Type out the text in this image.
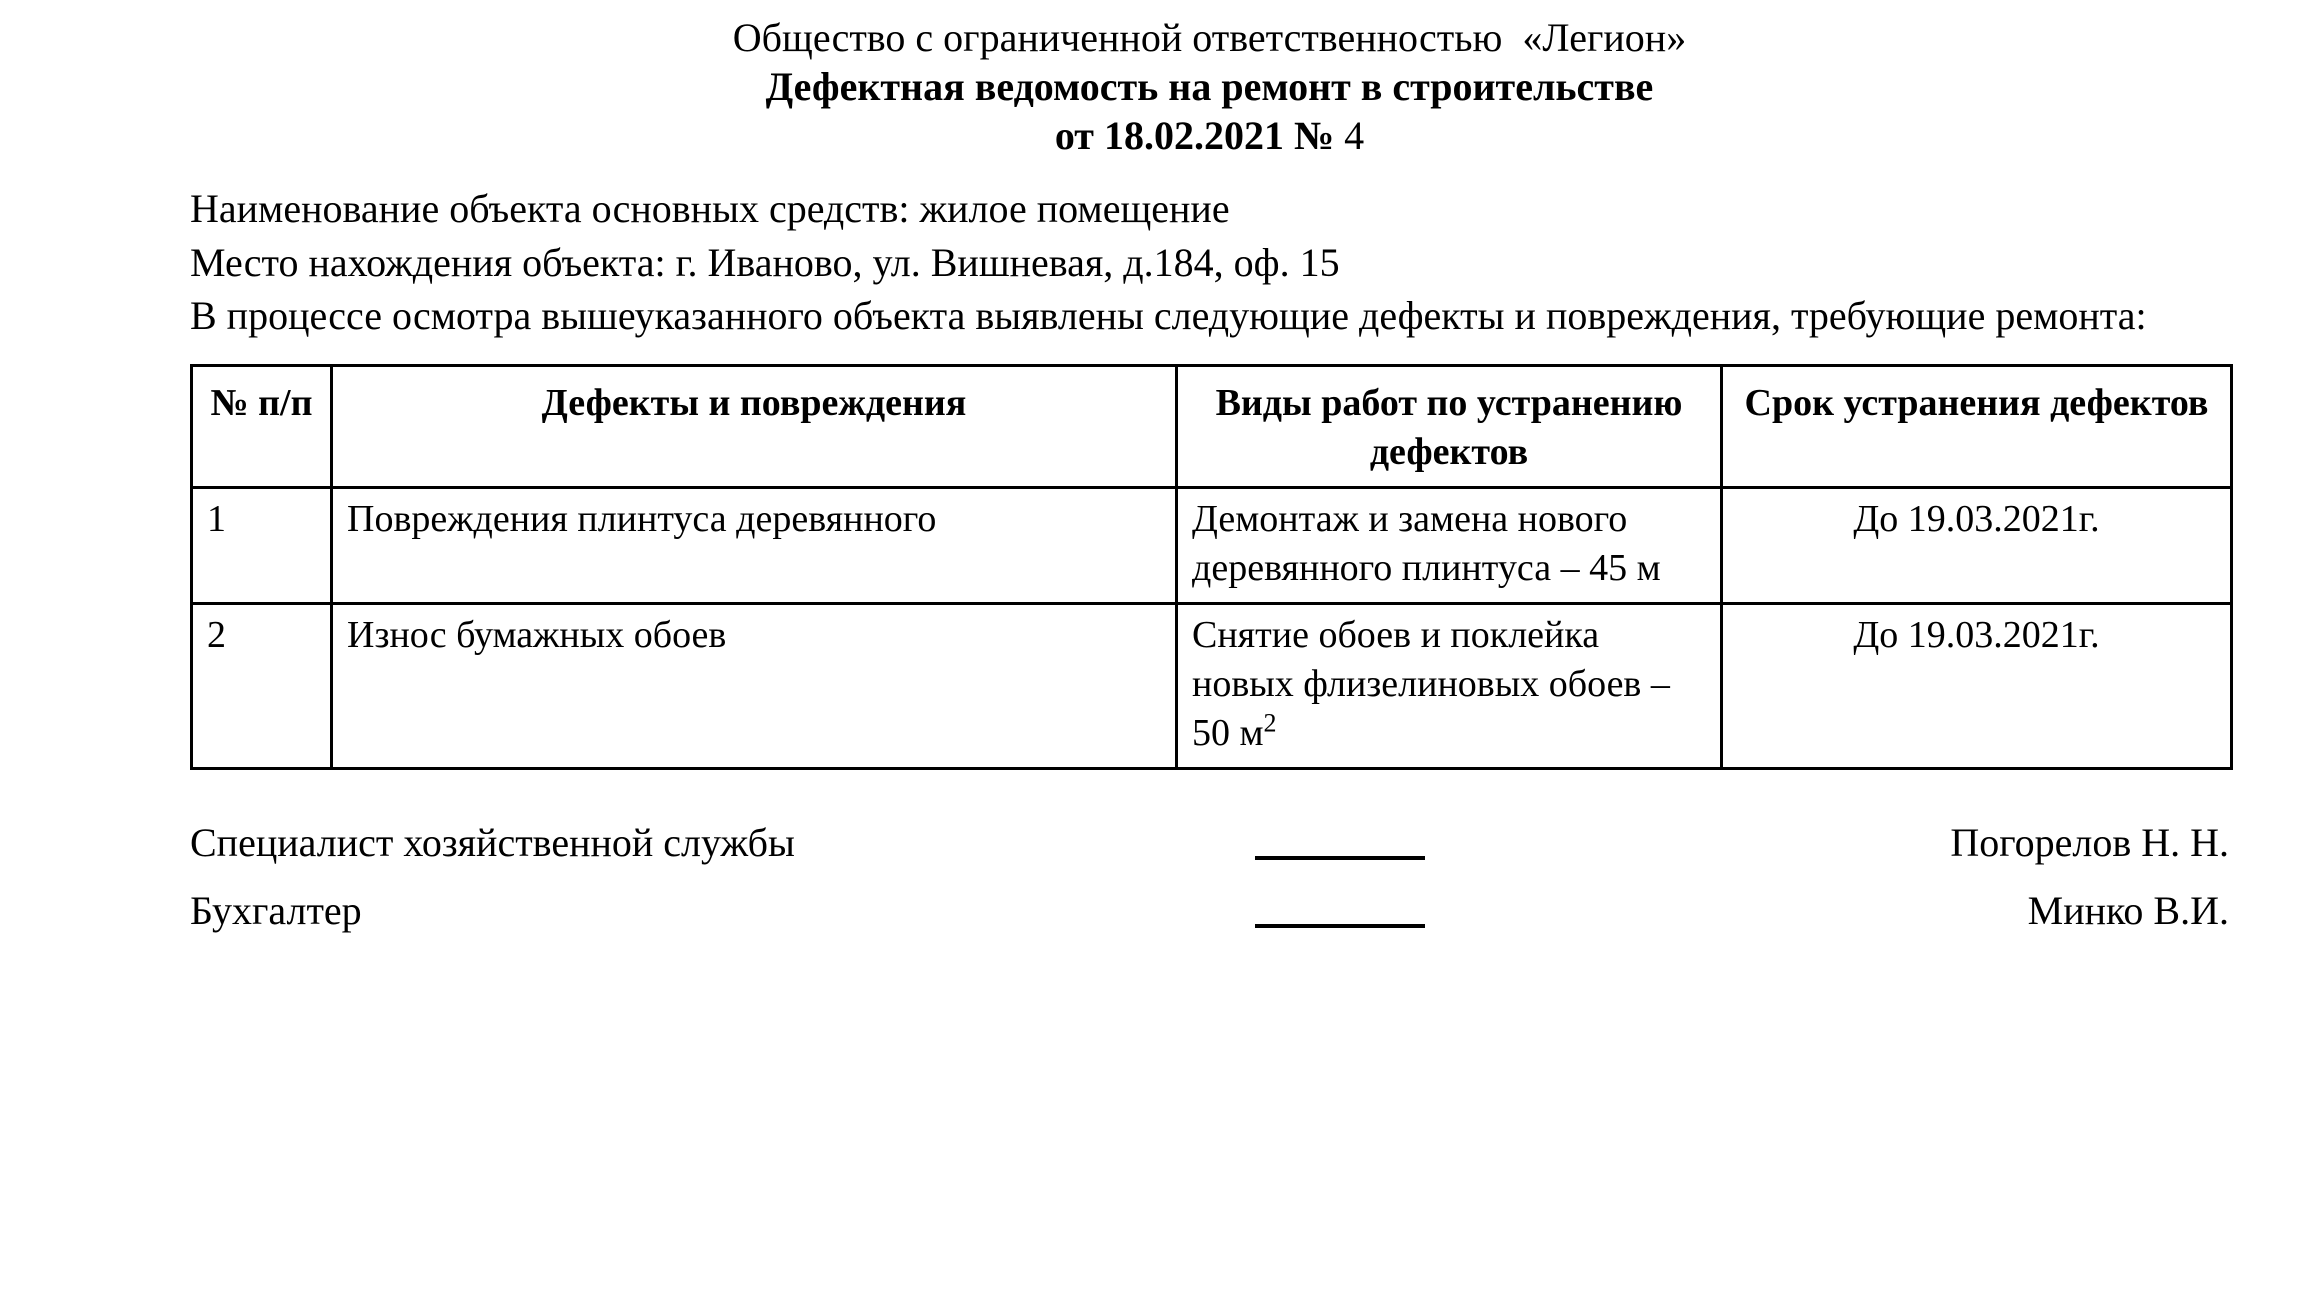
Общество с ограниченной ответственностью  «Легион»
Дефектная ведомость на ремонт в строительстве
от 18.02.2021 № 4

Наименование объекта основных средств: жилое помещение

Место нахождения объекта: г. Иваново, ул. Вишневая, д.184, оф. 15

В процессе осмотра вышеуказанного объекта выявлены следующие дефекты и повреждения, требующие ремонта:

№ п/п	Дефекты и повреждения	Виды работ по устранению дефектов	Срок устранения дефектов
1	Повреждения плинтуса деревянного	Демонтаж и замена нового деревянного плинтуса – 45 м	До 19.03.2021г.
2	Износ бумажных обоев	Снятие обоев и поклейка новых флизелиновых обоев – 50 $м^2$	До 19.03.2021г.
Специалист хозяйственной службы	Погорелов Н. Н.
Бухгалтер	Минко В.И.
